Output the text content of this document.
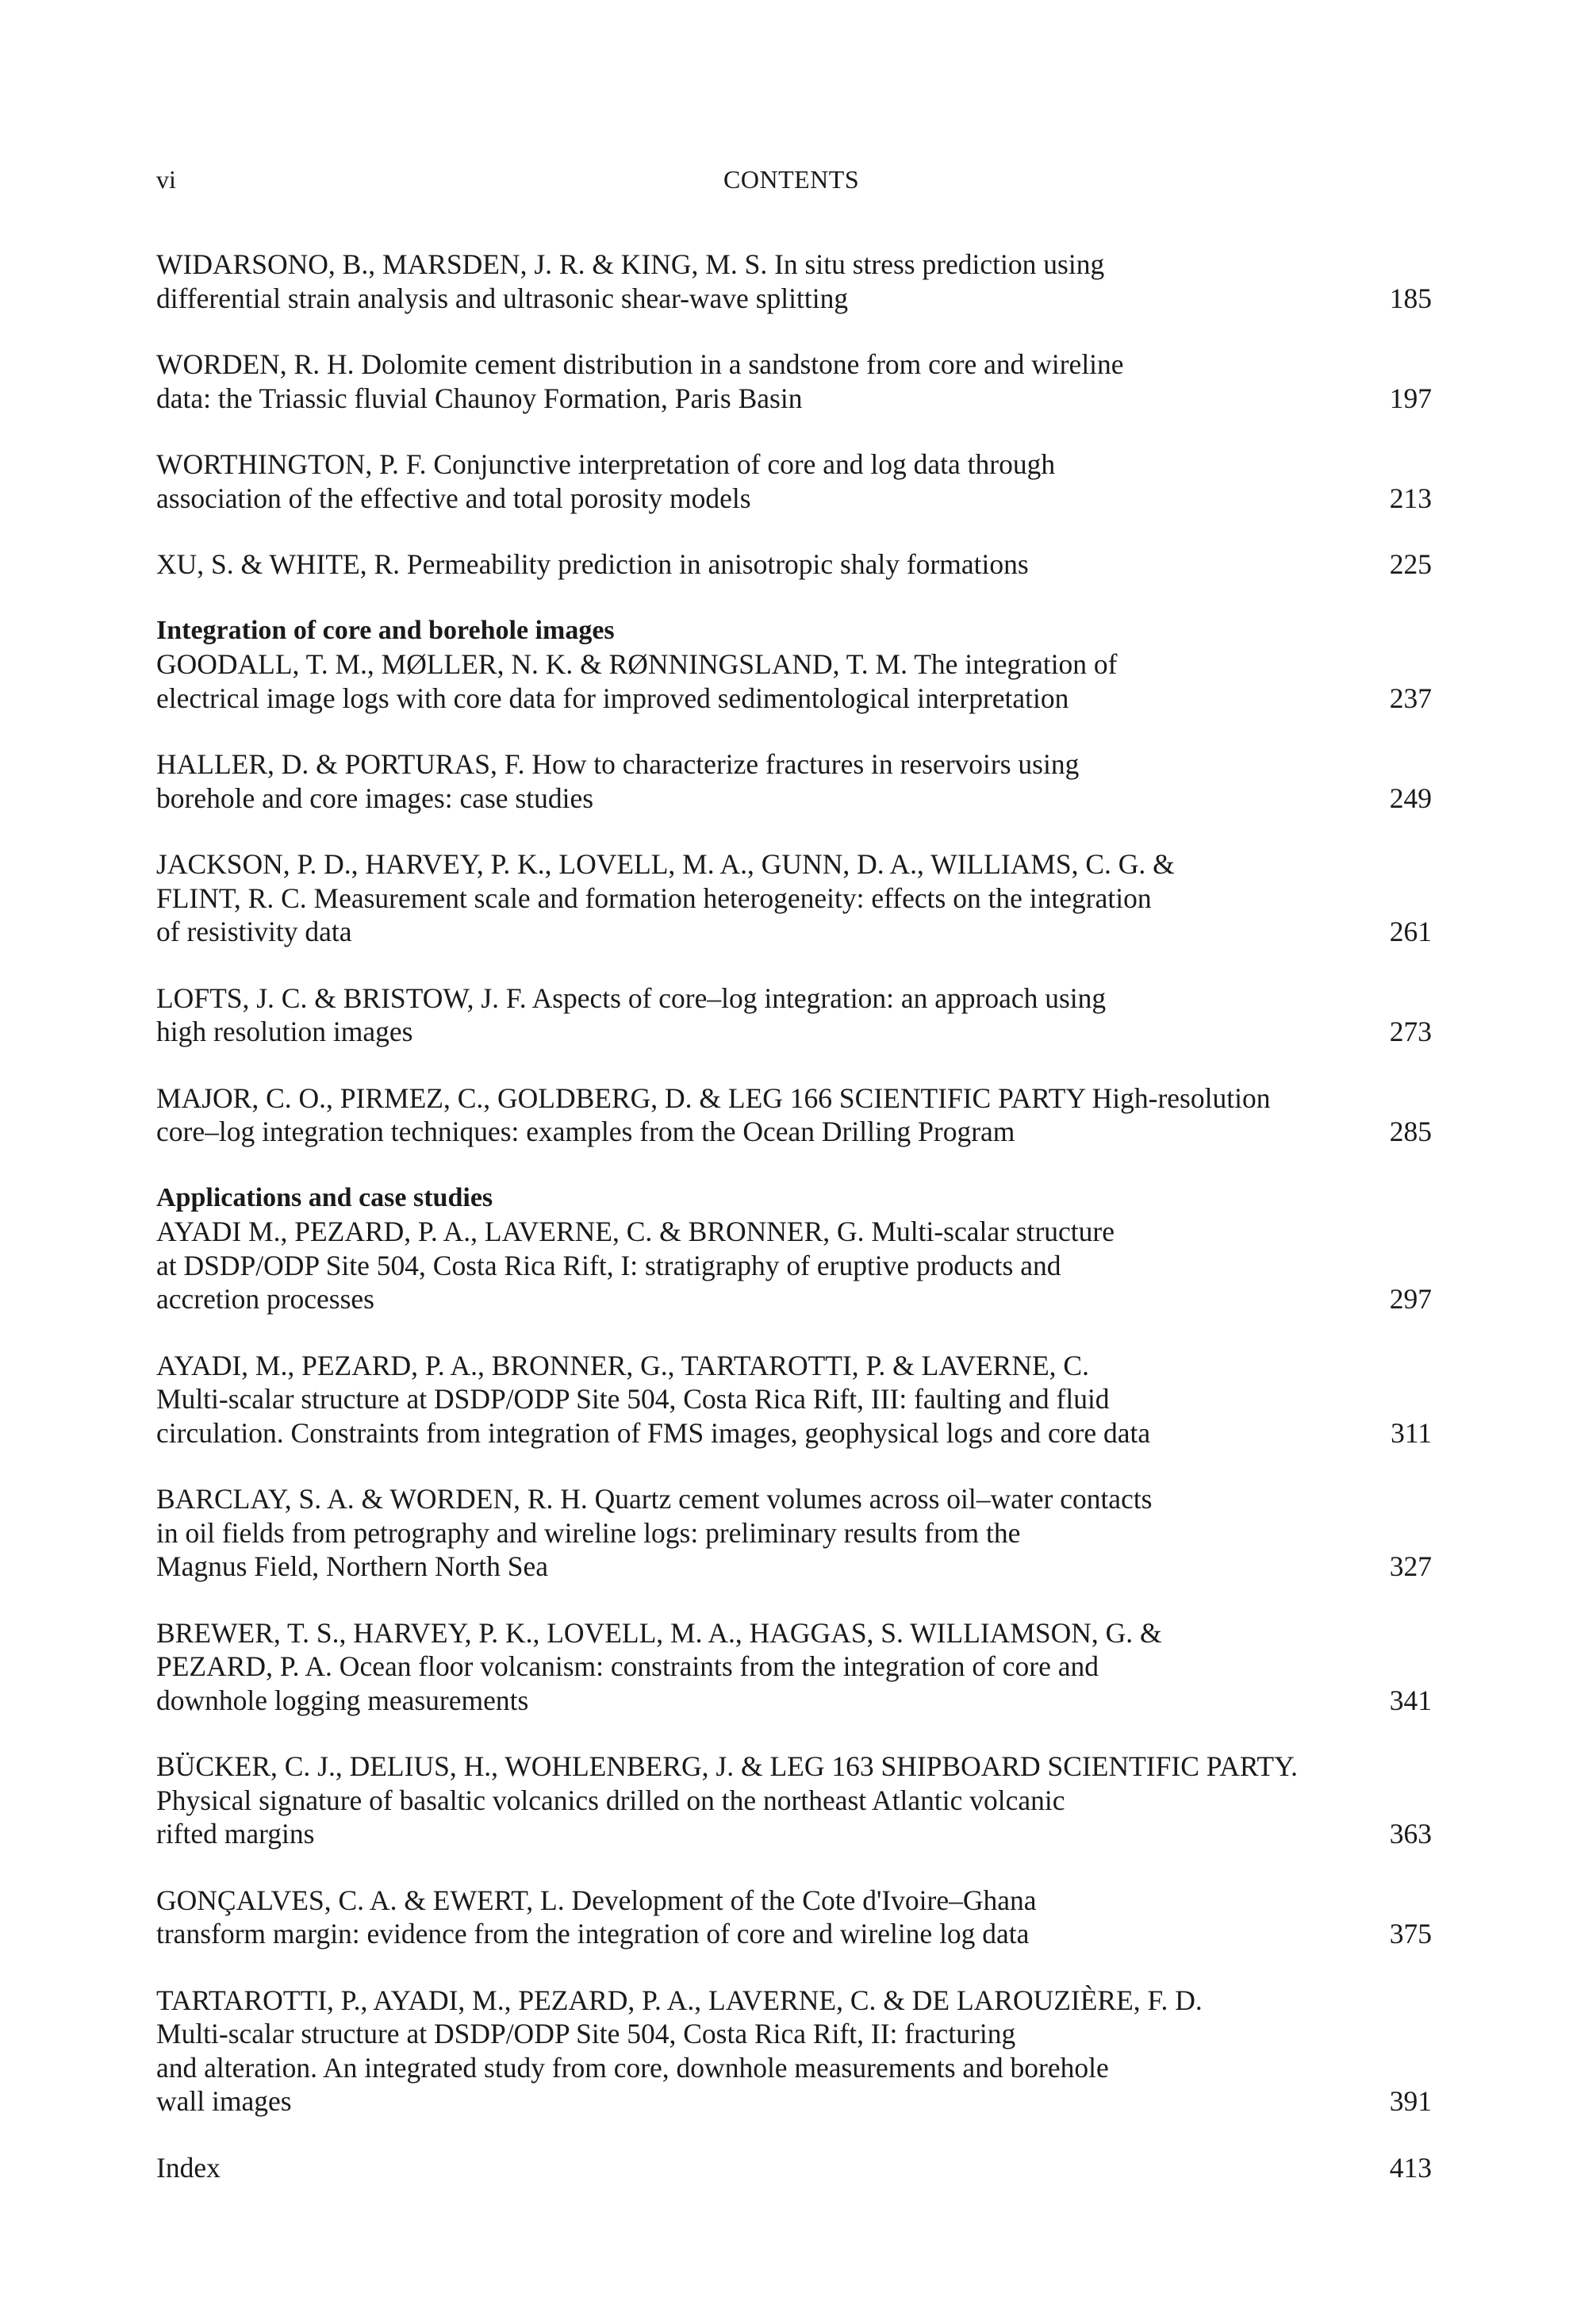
vi	CONTENTS
WIDARSONO, B., MARSDEN, J. R. & KING, M. S. In situ stress prediction using
differential strain analysis and ultrasonic shear-wave splitting	185
WORDEN, R. H. Dolomite cement distribution in a sandstone from core and wireline
data: the Triassic fluvial Chaunoy Formation, Paris Basin	197
WORTHINGTON, P. F. Conjunctive interpretation of core and log data through
association of the effective and total porosity models	213
XU, S. & WHITE, R. Permeability prediction in anisotropic shaly formations	225
Integration of core and borehole images
GOODALL, T. M., MØLLER, N. K. & RØNNINGSLAND, T. M. The integration of
electrical image logs with core data for improved sedimentological interpretation	237
HALLER, D. & PORTURAS, F. How to characterize fractures in reservoirs using
borehole and core images: case studies	249
JACKSON, P. D., HARVEY, P. K., LOVELL, M. A., GUNN, D. A., WILLIAMS, C. G. &
FLINT, R. C. Measurement scale and formation heterogeneity: effects on the integration
of resistivity data	261
LOFTS, J. C. & BRISTOW, J. F. Aspects of core–log integration: an approach using
high resolution images	273
MAJOR, C. O., PIRMEZ, C., GOLDBERG, D. & LEG 166 SCIENTIFIC PARTY High-resolution
core–log integration techniques: examples from the Ocean Drilling Program	285
Applications and case studies
AYADI M., PEZARD, P. A., LAVERNE, C. & BRONNER, G. Multi-scalar structure
at DSDP/ODP Site 504, Costa Rica Rift, I: stratigraphy of eruptive products and
accretion processes	297
AYADI, M., PEZARD, P. A., BRONNER, G., TARTAROTTI, P. & LAVERNE, C.
Multi-scalar structure at DSDP/ODP Site 504, Costa Rica Rift, III: faulting and fluid
circulation. Constraints from integration of FMS images, geophysical logs and core data	311
BARCLAY, S. A. & WORDEN, R. H. Quartz cement volumes across oil–water contacts
in oil fields from petrography and wireline logs: preliminary results from the
Magnus Field, Northern North Sea	327
BREWER, T. S., HARVEY, P. K., LOVELL, M. A., HAGGAS, S. WILLIAMSON, G. &
PEZARD, P. A. Ocean floor volcanism: constraints from the integration of core and
downhole logging measurements	341
BÜCKER, C. J., DELIUS, H., WOHLENBERG, J. & LEG 163 SHIPBOARD SCIENTIFIC PARTY.
Physical signature of basaltic volcanics drilled on the northeast Atlantic volcanic
rifted margins	363
GONÇALVES, C. A. & EWERT, L. Development of the Cote d'Ivoire–Ghana
transform margin: evidence from the integration of core and wireline log data	375
TARTAROTTI, P., AYADI, M., PEZARD, P. A., LAVERNE, C. & DE LAROUZIÈRE, F. D.
Multi-scalar structure at DSDP/ODP Site 504, Costa Rica Rift, II: fracturing
and alteration. An integrated study from core, downhole measurements and borehole
wall images	391
Index	413
